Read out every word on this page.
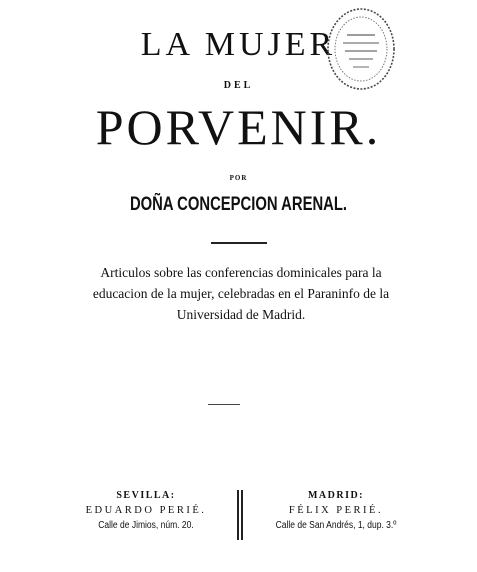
LA MUJER
DEL
PORVENIR.
POR
DOÑA CONCEPCION ARENAL.
Articulos sobre las conferencias dominicales para la educacion de la mujer, celebradas en el Paraninfo de la Universidad de Madrid.
SEVILLA:
EDUARDO PERIÉ.
Calle de Jimios, núm. 20.
MADRID:
FÉLIX PERIÉ.
Calle de San Andrés, 1, dup. 3.º
